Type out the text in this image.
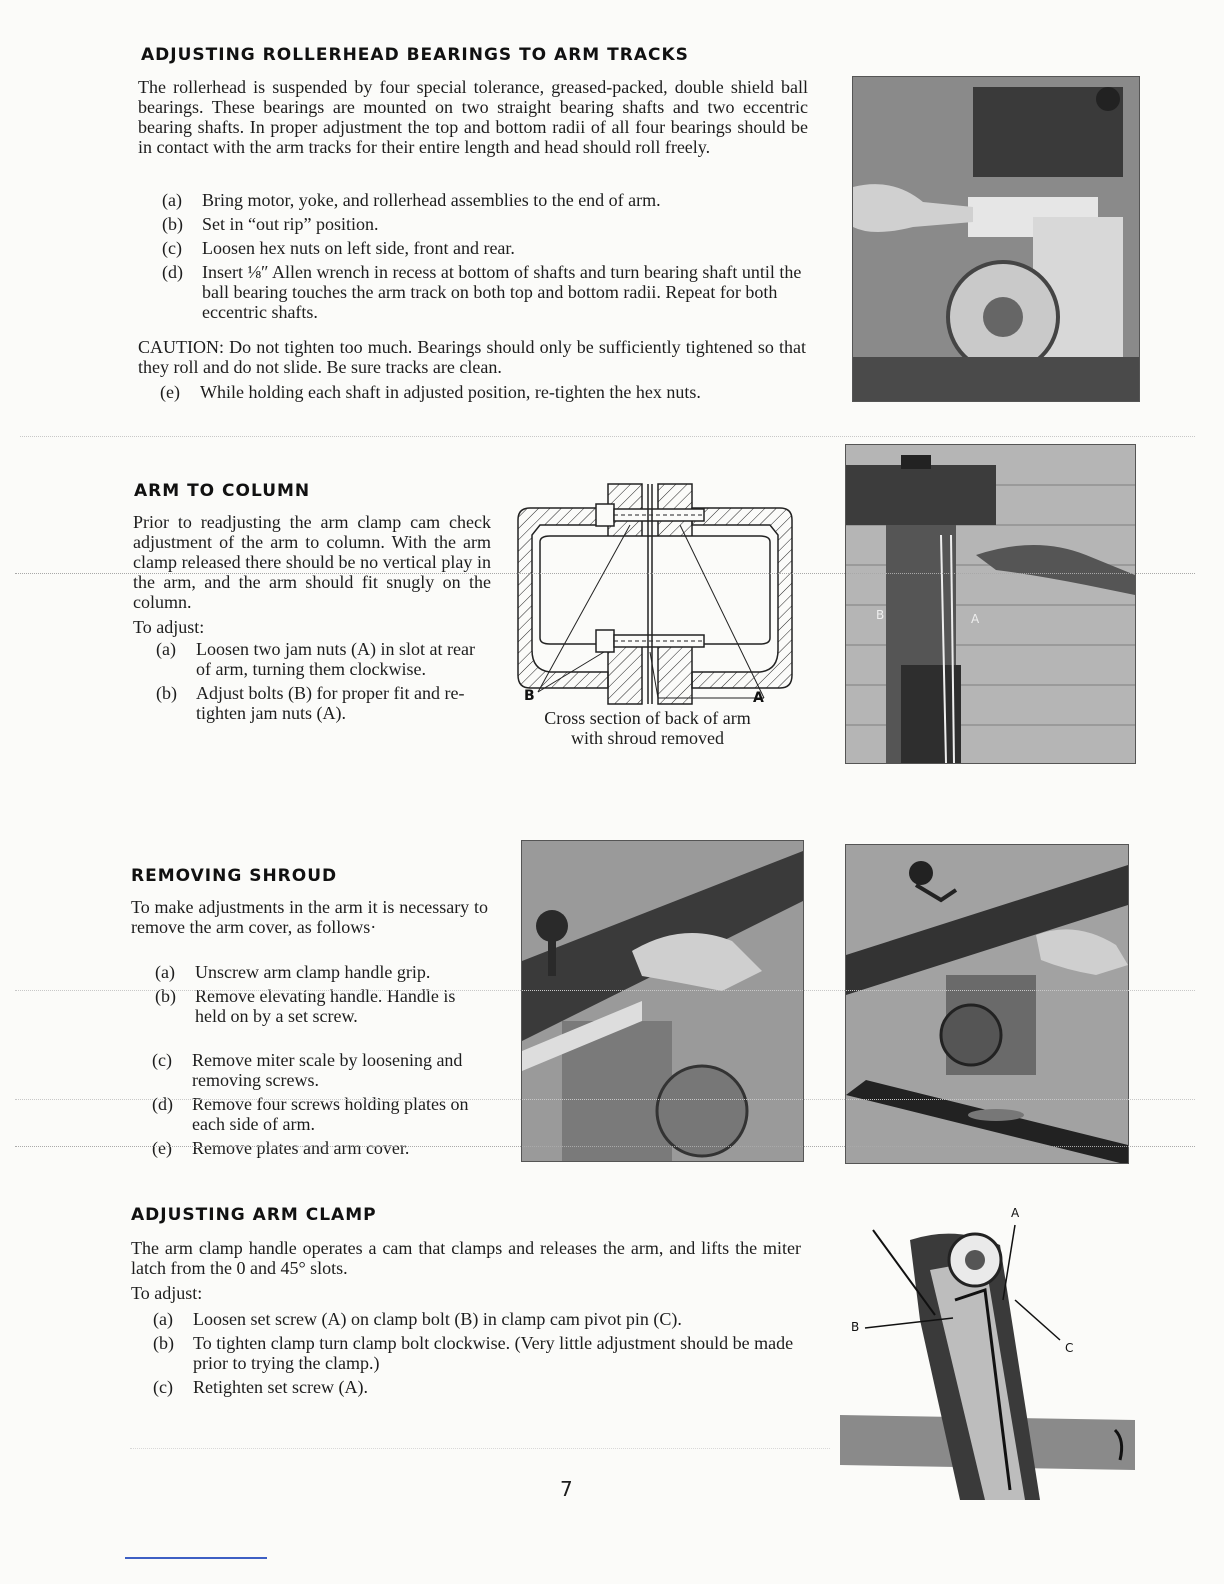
ADJUSTING ROLLERHEAD BEARINGS TO ARM TRACKS

The rollerhead is suspended by four special tolerance, greased-packed, double shield ball bearings. These bearings are mounted on two straight bearing shafts and two eccentric bearing shafts. In proper adjustment the top and bottom radii of all four bearings should be in contact with the arm tracks for their entire length and head should roll freely.

(a)	Bring motor, yoke, and rollerhead assemblies to the end of arm.
(b)	Set in “out rip” position.
(c)	Loosen hex nuts on left side, front and rear.
(d)	Insert ⅛″ Allen wrench in recess at bottom of shafts and turn bearing shaft until the ball bearing touches the arm track on both top and bottom radii. Repeat for both eccentric shafts.

CAUTION: Do not tighten too much. Bearings should only be sufficiently tightened so that they roll and do not slide. Be sure tracks are clean.

(e)	While holding each shaft in adjusted position, re-tighten the hex nuts.
ARM TO COLUMN

Prior to readjusting the arm clamp cam check adjustment of the arm to column. With the arm clamp released there should be no vertical play in the arm, and the arm should fit snugly on the column.

To adjust:

(a)	Loosen two jam nuts (A) in slot at rear of arm, turning them clockwise.
(b)	Adjust bolts (B) for proper fit and re-tighten jam nuts (A).
B	A

Cross section of back of arm

with shroud removed

B	A

REMOVING SHROUD

To make adjustments in the arm it is necessary to remove the arm cover, as follows·

(a)	Unscrew arm clamp handle grip.
(b)	Remove elevating handle. Handle is held on by a set screw.
(c)	Remove miter scale by loosening and removing screws.
(d)	Remove four screws holding plates on each side of arm.
(e)	Remove plates and arm cover.
ADJUSTING ARM CLAMP

The arm clamp handle operates a cam that clamps and releases the arm, and lifts the miter latch from the 0 and 45° slots.

To adjust:

(a)	Loosen set screw (A) on clamp bolt (B) in clamp cam pivot pin (C).
(b)	To tighten clamp turn clamp bolt clockwise. (Very little adjustment should be made prior to trying the clamp.)
(c)	Retighten set screw (A).

A

B

C

7
